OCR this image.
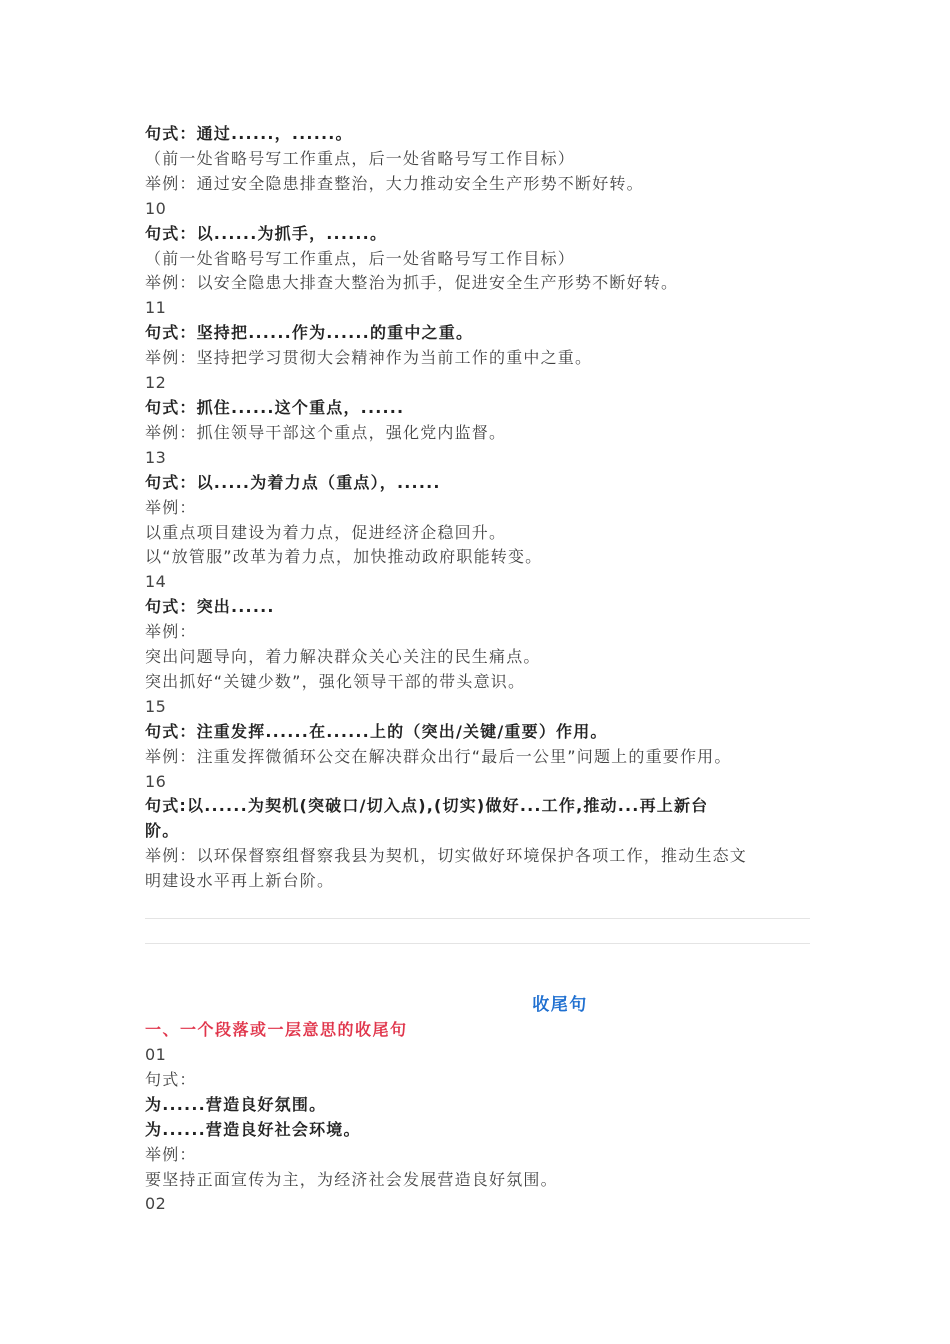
句式：通过......，......。
（前一处省略号写工作重点，后一处省略号写工作目标）
举例：通过安全隐患排查整治，大力推动安全生产形势不断好转。
10
句式：以......为抓手，......。
（前一处省略号写工作重点，后一处省略号写工作目标）
举例：以安全隐患大排查大整治为抓手，促进安全生产形势不断好转。
11
句式：坚持把......作为......的重中之重。
举例：坚持把学习贯彻大会精神作为当前工作的重中之重。
12
句式：抓住......这个重点，......
举例：抓住领导干部这个重点，强化党内监督。
13
句式：以.....为着力点（重点），......
举例：
以重点项目建设为着力点，促进经济企稳回升。
以“放管服”改革为着力点，加快推动政府职能转变。
14
句式：突出......
举例：
突出问题导向，着力解决群众关心关注的民生痛点。
突出抓好“关键少数”，强化领导干部的带头意识。
15
句式：注重发挥......在......上的（突出/关键/重要）作用。
举例：注重发挥微循环公交在解决群众出行“最后一公里”问题上的重要作用。
16
句式:以......为契机(突破口/切入点),(切实)做好...工作,推动...再上新台
阶。
举例：以环保督察组督察我县为契机，切实做好环境保护各项工作，推动生态文
明建设水平再上新台阶。
收尾句
一、一个段落或一层意思的收尾句
01
句式：
为......营造良好氛围。
为......营造良好社会环境。
举例：
要坚持正面宣传为主，为经济社会发展营造良好氛围。
02
